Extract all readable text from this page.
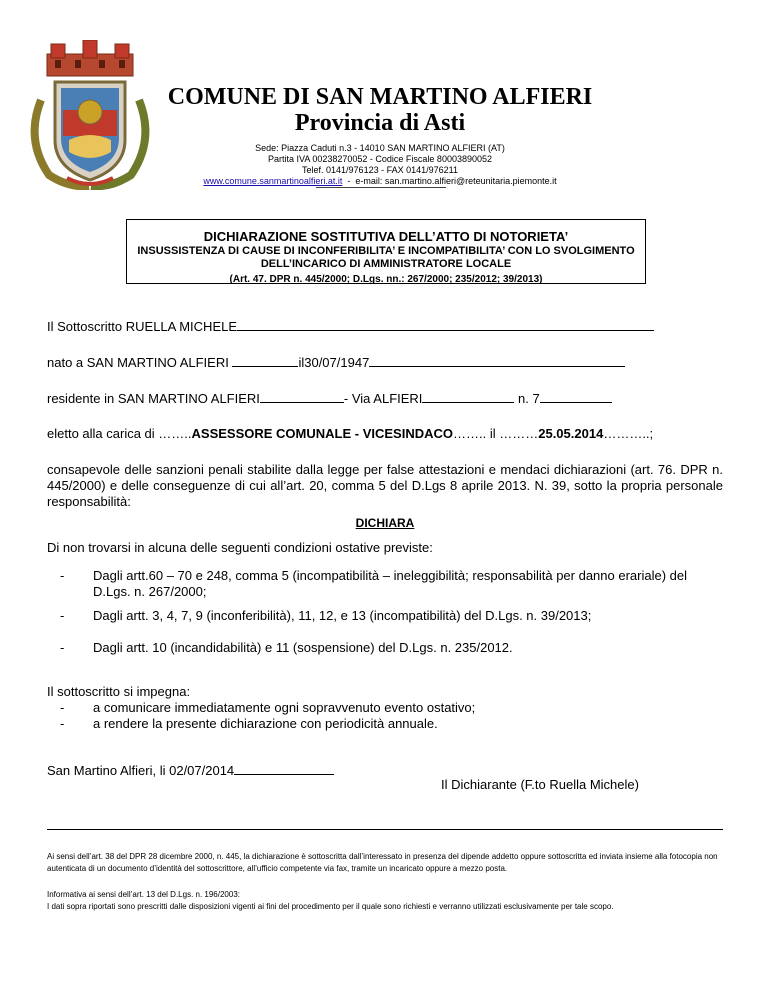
COMUNE DI SAN MARTINO ALFIERI
Provincia di Asti
Sede: Piazza Caduti n.3 - 14010 SAN MARTINO ALFIERI (AT)
Partita IVA 00238270052 - Codice Fiscale 80003890052
Telef. 0141/976123 - FAX 0141/976211
www.comune.sanmartinoalfieri.at.it  -  e-mail: san.martino.alfieri@reteunitaria.piemonte.it
DICHIARAZIONE SOSTITUTIVA DELL’ATTO DI NOTORIETA’
INSUSSISTENZA DI CAUSE DI INCONFERIBILITA’ E INCOMPATIBILITA’ CON LO SVOLGIMENTO
DELL’INCARICO DI AMMINISTRATORE LOCALE
(Art. 47. DPR n. 445/2000; D.Lgs. nn.: 267/2000; 235/2012; 39/2013)
Il Sottoscritto RUELLA MICHELE
nato a SAN MARTINO ALFIERI	il30/07/1947
residente in SAN MARTINO ALFIERI	- Via ALFIERI	n. 7
eletto alla carica di ……..ASSESSORE COMUNALE - VICESINDACO…….. il ………25.05.2014………..;
consapevole delle sanzioni penali stabilite dalla legge per false attestazioni e mendaci dichiarazioni (art. 76. DPR n. 445/2000) e delle conseguenze di cui all’art. 20, comma 5 del D.Lgs 8 aprile 2013. N. 39, sotto la propria personale responsabilità:
DICHIARA
Di non trovarsi in alcuna delle seguenti condizioni ostative previste:
- Dagli artt.60 – 70 e 248, comma 5 (incompatibilità – ineleggibilità; responsabilità per danno erariale) del D.Lgs. n. 267/2000;
- Dagli artt. 3, 4, 7, 9 (inconferibilità), 11, 12, e 13 (incompatibilità) del D.Lgs. n. 39/2013;
- Dagli artt. 10 (incandidabilità) e 11 (sospensione) del D.Lgs. n. 235/2012.
Il sottoscritto si impegna:
- a comunicare immediatamente ogni sopravvenuto evento ostativo;
- a rendere la presente dichiarazione con periodicità annuale.
San Martino Alfieri, li 02/07/2014
Il Dichiarante (F.to Ruella Michele)
Ai sensi dell’art. 38 del DPR 28 dicembre 2000, n. 445, la dichiarazione è sottoscritta dall’interessato in presenza del dipende addetto oppure sottoscritta ed inviata insieme alla fotocopia non autenticata di un documento d’identità del sottoscrittore, all’ufficio competente via fax, tramite un incaricato oppure a mezzo posta.
Informativa ai sensi dell’art. 13 del D.Lgs. n. 196/2003:
I dati sopra riportati sono prescritti dalle disposizioni vigenti ai fini del procedimento per il quale sono richiesti e verranno utilizzati esclusivamente per tale scopo.
